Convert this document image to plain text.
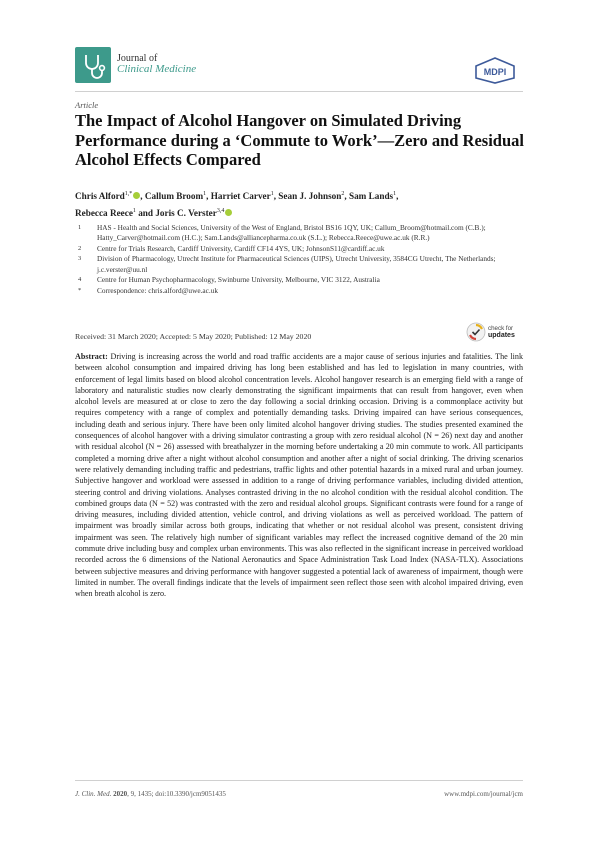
Journal of
Clinical Medicine	MDPI
Article
The Impact of Alcohol Hangover on Simulated Driving Performance during a ‘Commute to Work’—Zero and Residual Alcohol Effects Compared
Chris Alford$^{1,*}$ , Callum Broom$^1$, Harriet Carver$^1$, Sean J. Johnson$^2$, Sam Lands$^1$,
Rebecca Reece$^1$ and Joris C. Verster$^{3,4}$
1	HAS - Health and Social Sciences, University of the West of England, Bristol BS16 1QY, UK; Callum_Broom@hotmail.com (C.B.); Hatty_Carver@hotmail.com (H.C.); Sam.Lands@alliancepharma.co.uk (S.L.); Rebecca.Reece@uwe.ac.uk (R.R.)
2	Centre for Trials Research, Cardiff University, Cardiff CF14 4YS, UK; JohnsonS11@cardiff.ac.uk
3	Division of Pharmacology, Utrecht Institute for Pharmaceutical Sciences (UIPS), Utrecht University, 3584CG Utrecht, The Netherlands; j.c.verster@uu.nl
4	Centre for Human Psychopharmacology, Swinburne University, Melbourne, VIC 3122, Australia
*	Correspondence: chris.alford@uwe.ac.uk
Received: 31 March 2020; Accepted: 5 May 2020; Published: 12 May 2020
check for
updates

Abstract: Driving is increasing across the world and road traffic accidents are a major cause of serious injuries and fatalities. The link between alcohol consumption and impaired driving has long been established and has led to legislation in many countries, with enforcement of legal limits based on blood alcohol concentration levels. Alcohol hangover research is an emerging field with a range of laboratory and naturalistic studies now clearly demonstrating the significant impairments that can result from hangover, even when alcohol levels are measured at or close to zero the day following a social drinking occasion. Driving is a commonplace activity but requires competency with a range of complex and potentially demanding tasks. Driving impaired can have serious consequences, including death and serious injury. There have been only limited alcohol hangover driving studies. The studies presented examined the consequences of alcohol hangover with a driving simulator contrasting a group with zero residual alcohol (N = 26) next day and another with residual alcohol (N = 26) assessed with breathalyzer in the morning before undertaking a 20 min commute to work. All participants completed a morning drive after a night without alcohol consumption and another after a night of social drinking. The driving scenarios were relatively demanding including traffic and pedestrians, traffic lights and other potential hazards in a mixed rural and urban journey. Subjective hangover and workload were assessed in addition to a range of driving performance variables, including divided attention, steering control and driving violations. Analyses contrasted driving in the no alcohol condition with the residual alcohol condition. The combined groups data (N = 52) was contrasted with the zero and residual alcohol groups. Significant contrasts were found for a range of driving measures, including divided attention, vehicle control, and driving violations as well as perceived workload. The pattern of impairment was broadly similar across both groups, indicating that whether or not residual alcohol was present, consistent driving impairment was seen. The relatively high number of significant variables may reflect the increased cognitive demand of the 20 min commute drive including busy and complex urban environments. This was also reflected in the significant increase in perceived workload recorded across the 6 dimensions of the National Aeronautics and Space Administration Task Load Index (NASA-TLX). Associations between subjective measures and driving performance with hangover suggested a potential lack of awareness of impairment, though were limited in number. The overall findings indicate that the levels of impairment seen reflect those seen with alcohol impaired driving, even when breath alcohol is zero.

J. Clin. Med. 2020, 9, 1435; doi:10.3390/jcm9051435	www.mdpi.com/journal/jcm
